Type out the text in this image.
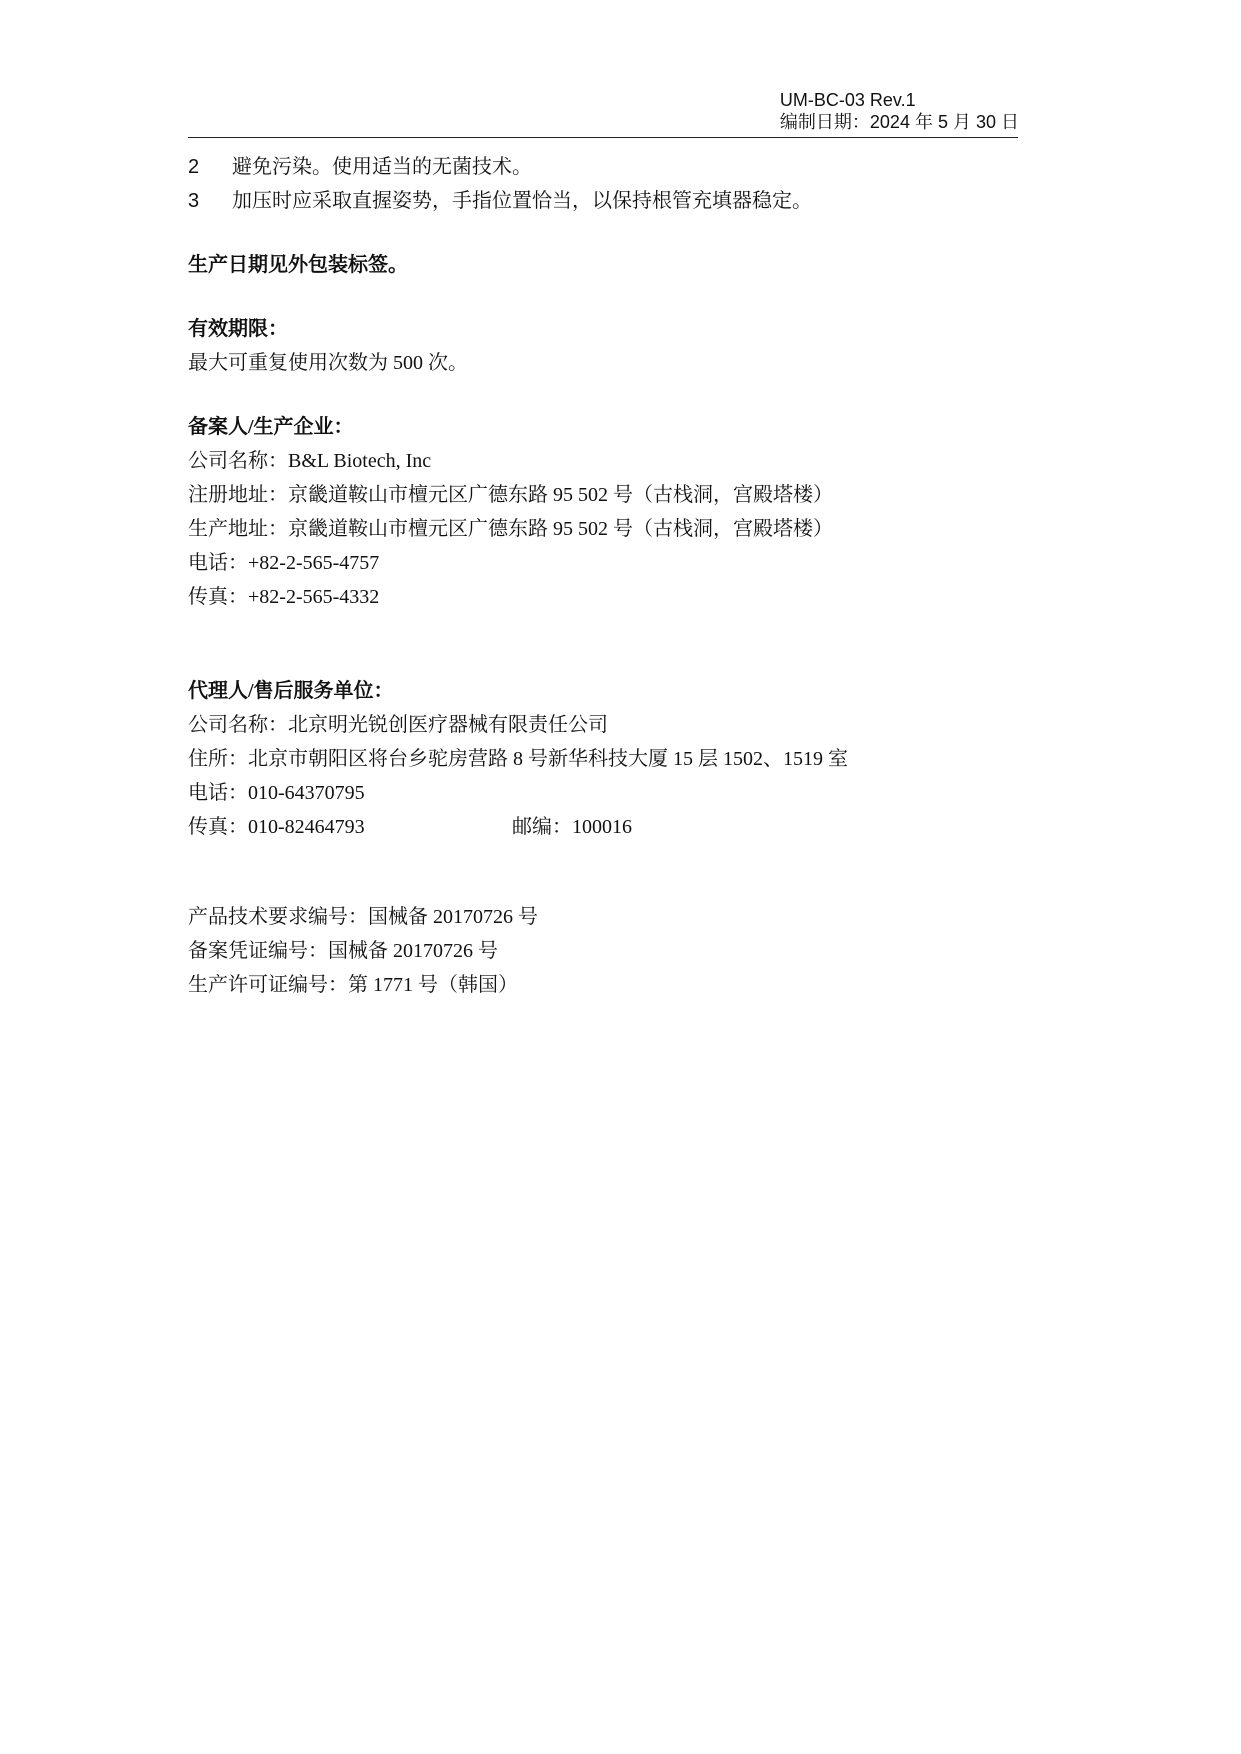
UM-BC-03 Rev.1
编制日期：2024 年 5 月 30 日
2	避免污染。使用适当的无菌技术。
3	加压时应采取直握姿势，手指位置恰当，以保持根管充填器稳定。
生产日期见外包装标签。
有效期限：
最大可重复使用次数为 500 次。
备案人/生产企业：
公司名称：B&L Biotech, Inc
注册地址：京畿道鞍山市檀元区广德东路 95 502 号（古栈洞，宫殿塔楼）
生产地址：京畿道鞍山市檀元区广德东路 95 502 号（古栈洞，宫殿塔楼）
电话：+82-2-565-4757
传真：+82-2-565-4332
代理人/售后服务单位：
公司名称：北京明光锐创医疗器械有限责任公司
住所：北京市朝阳区将台乡驼房营路 8 号新华科技大厦 15 层 1502、1519 室
电话：010-64370795
传真：010-82464793	邮编：100016
产品技术要求编号：国械备 20170726 号
备案凭证编号：国械备 20170726 号
生产许可证编号：第 1771 号（韩国）
